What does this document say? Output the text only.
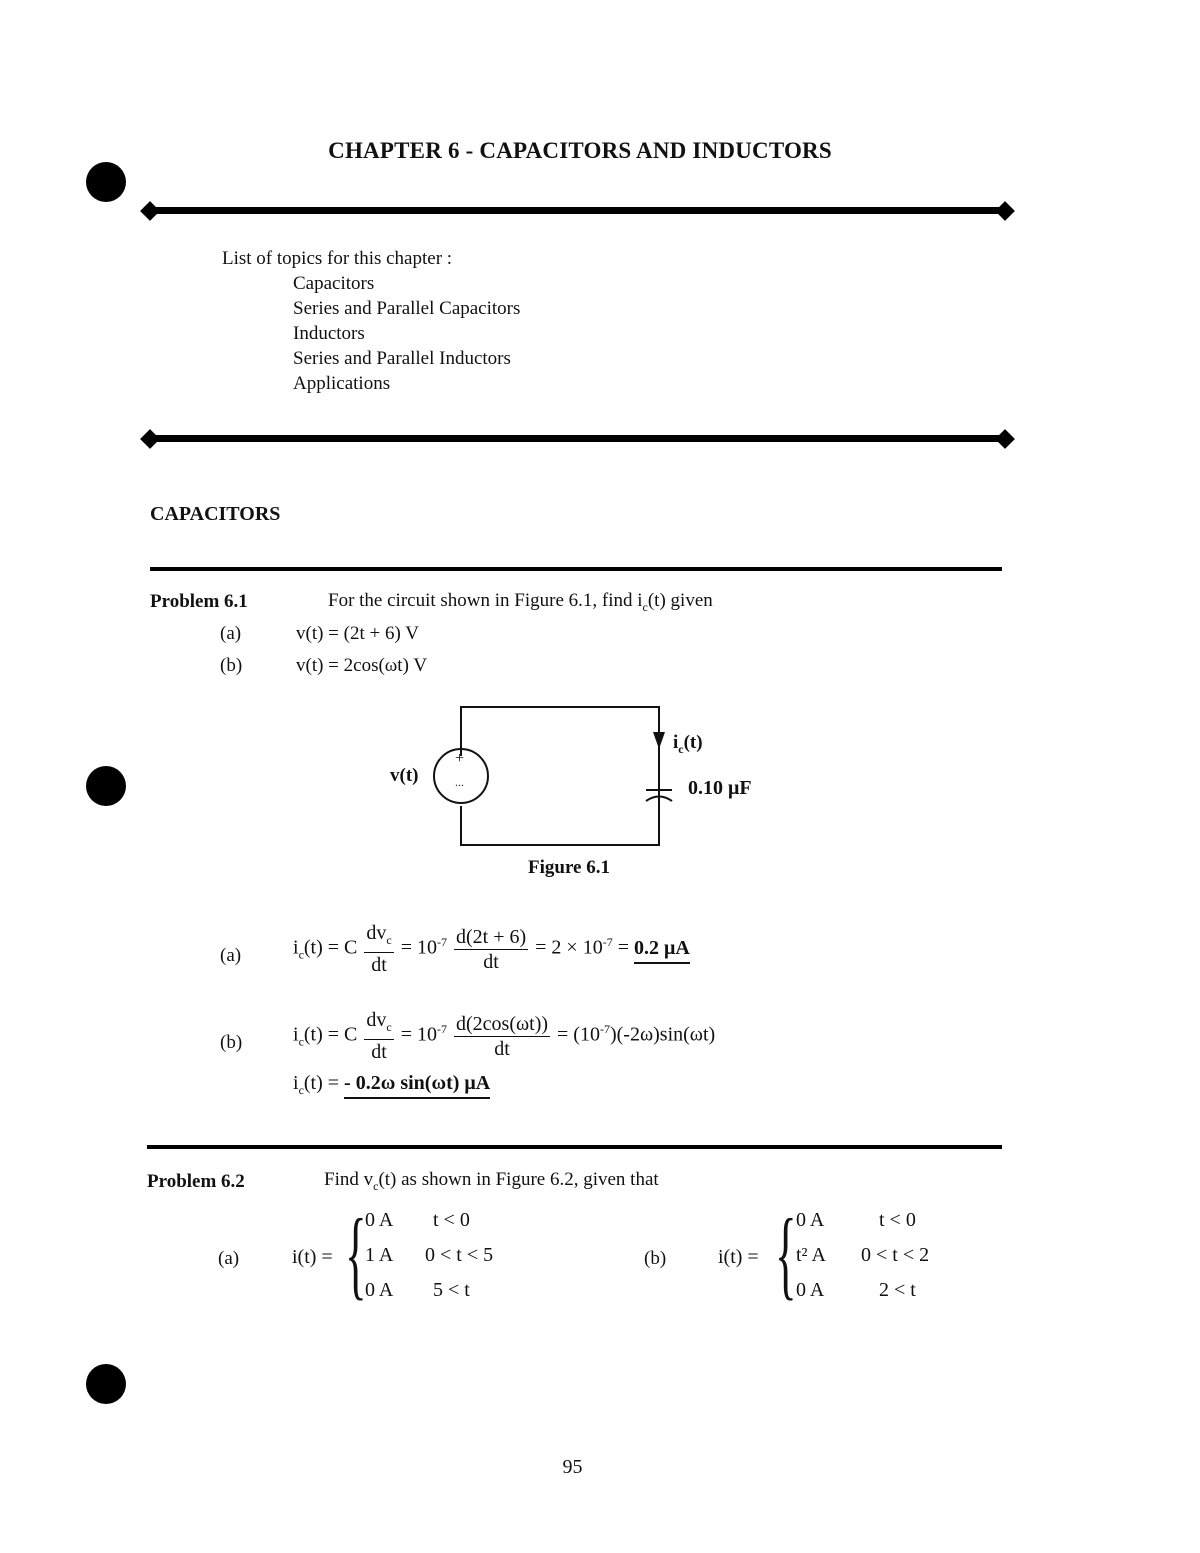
CHAPTER 6 - CAPACITORS AND INDUCTORS
List of topics for this chapter :
Capacitors
Series and Parallel Capacitors
Inductors
Series and Parallel Inductors
Applications
CAPACITORS
Problem 6.1	For the circuit shown in Figure 6.1, find $i_c(t)$ given
(a)	v(t) = (2t + 6) V
(b)	v(t) = 2cos(ωt) V
v(t)
+
...
$i_c(t)$
0.10 μF
Figure 6.1
(a)	$i_c(t) = C \frac{dv_c}{dt} = 10^{-7} \frac{d(2t + 6)}{dt} = 2 \times 10^{-7} = 0.2$ μA
(b)	$i_c(t) = C \frac{dv_c}{dt} = 10^{-7} \frac{d(2\cos(\omega t))}{dt} = (10^{-7})(-2\omega)\sin(\omega t)$
$i_c(t)$ = - 0.2ω sin(ωt) μA
Problem 6.2	Find $v_c(t)$ as shown in Figure 6.2, given that
(a)	i(t) = {
0 A	t < 0
1 A	0 < t < 5
0 A	5 < t
(b)	i(t) = { 0 A	t < 0
t² A	0 < t < 2
0 A	2 < t
95
